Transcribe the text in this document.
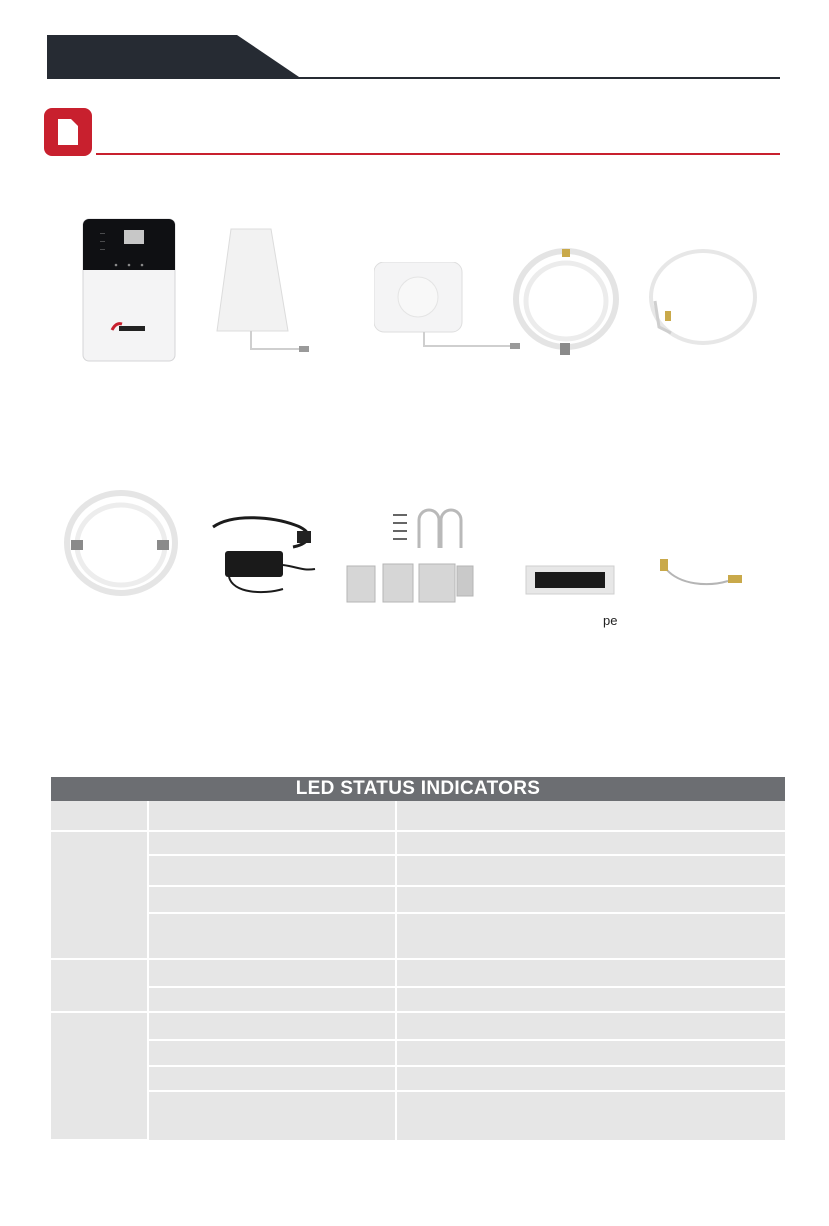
—
—
—
pe
LED STATUS INDICATORS		
